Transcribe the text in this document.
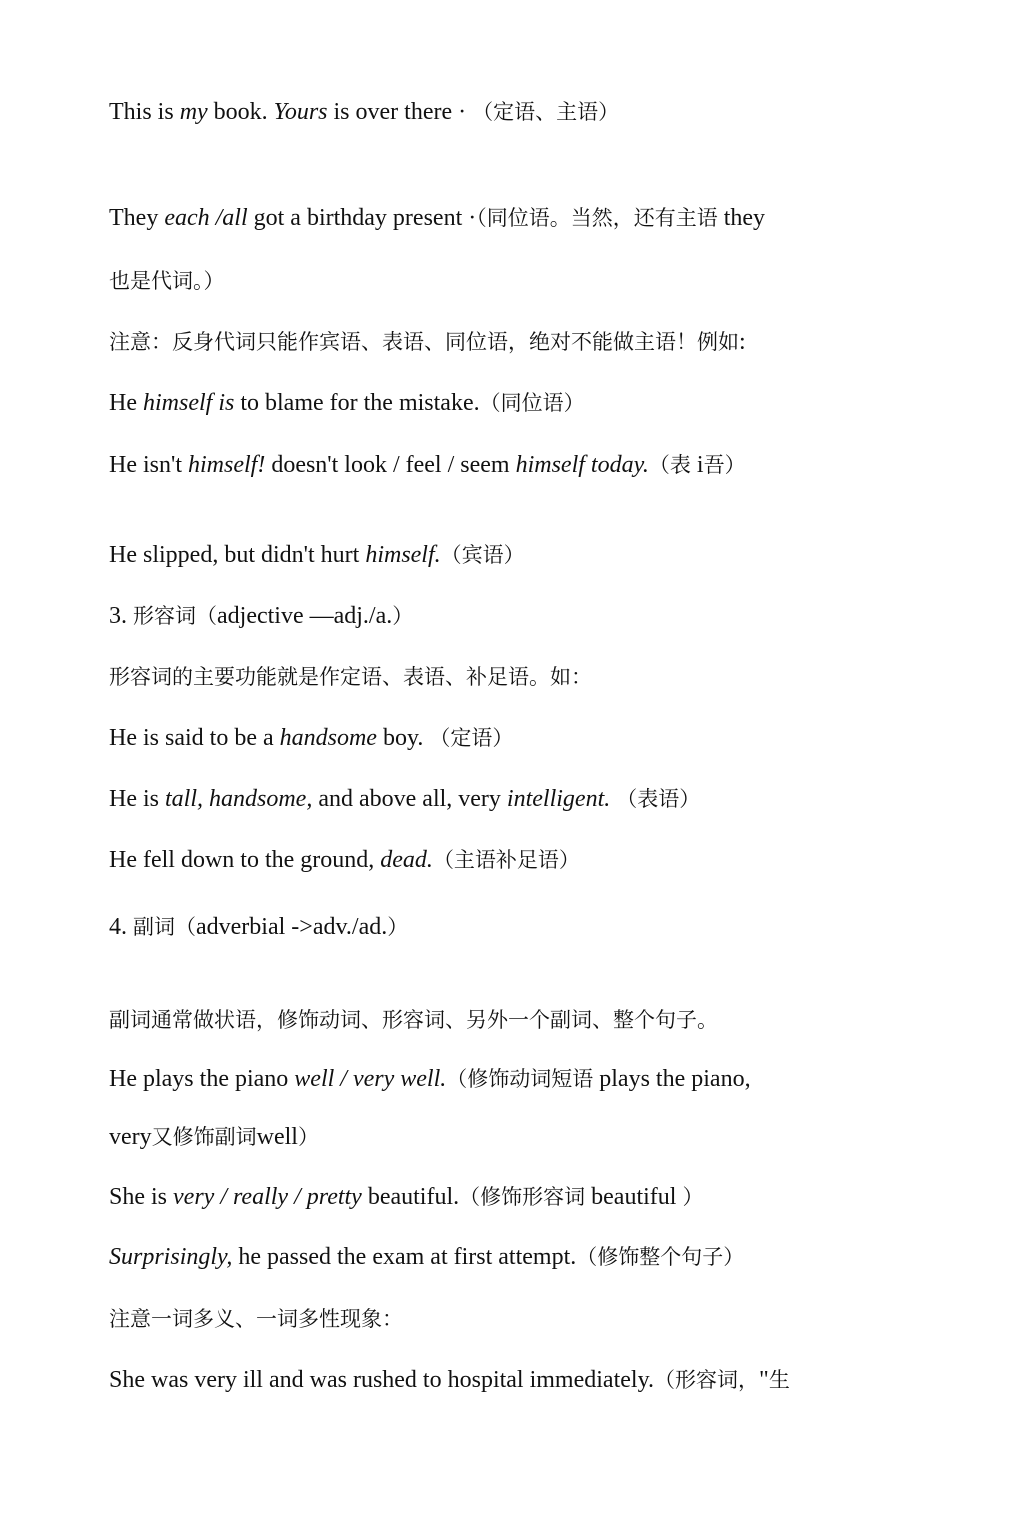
This is my book. Yours is over there · （定语、主语）
They each /all got a birthday present ·（同位语。当然，还有主语 they
也是代词。）
注意：反身代词只能作宾语、表语、同位语，绝对不能做主语！例如:
He himself is to blame for the mistake.（同位语）
He isn't himself! doesn't look / feel / seem himself today.（表 i吾）
He slipped, but didn't hurt himself.（宾语）
3. 形容词（adjective —adj./a.）
形容词的主要功能就是作定语、表语、补足语。如：
He is said to be a handsome boy. （定语）
He is tall, handsome, and above all, very intelligent. （表语）
He fell down to the ground, dead.（主语补足语）
4. 副词（adverbial ->adv./ad.）
副词通常做状语，修饰动词、形容词、另外一个副词、整个句子。
He plays the piano well / very well.（修饰动词短语 plays the piano,
very又修饰副词well）
She is very / really / pretty beautiful.（修饰形容词 beautiful ）
Surprisingly, he passed the exam at first attempt.（修饰整个句子）
注意一词多义、一词多性现象：
She was very ill and was rushed to hospital immediately.（形容词，"生
